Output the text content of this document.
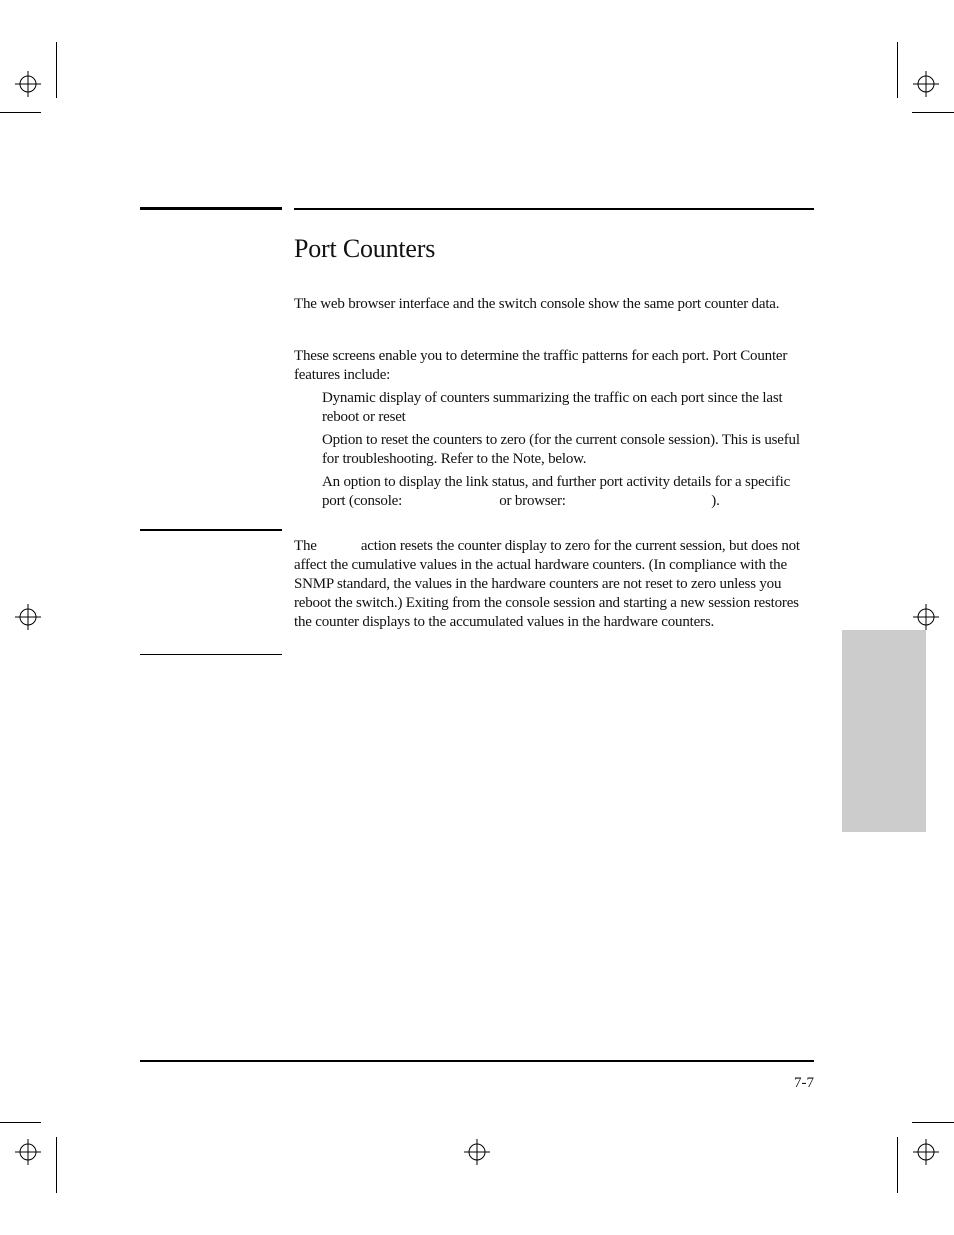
Port Counters

The web browser interface and the switch console show the same port counter data.

These screens enable you to determine the traffic patterns for each port. Port Counter features include:

Dynamic display of counters summarizing the traffic on each port since the last reboot or reset

Option to reset the counters to zero (for the current console session). This is useful for troubleshooting. Refer to the Note, below.

An option to display the link status, and further port activity details for a specific port (console:	or browser:	).

The  action resets the counter display to zero for the current session, but does not affect the cumulative values in the actual hardware counters. (In compliance with the SNMP standard, the values in the hardware counters are not reset to zero unless you reboot the switch.) Exiting from the console session and starting a new session restores the counter displays to the accumulated values in the hardware counters.

7-7
